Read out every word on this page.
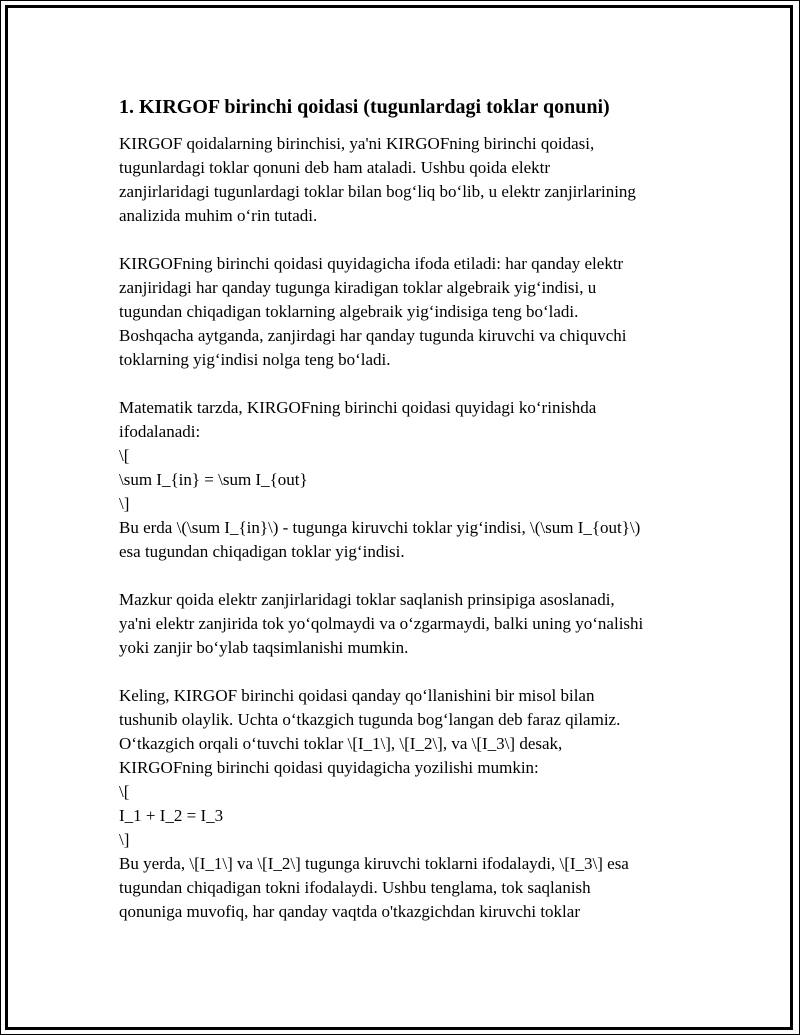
1. KIRGOF birinchi qoidasi (tugunlardagi toklar qonuni)
KIRGOF qoidalarning birinchisi, ya'ni KIRGOFning birinchi qoidasi,
tugunlardagi toklar qonuni deb ham ataladi. Ushbu qoida elektr
zanjirlaridagi tugunlardagi toklar bilan bog‘liq bo‘lib, u elektr zanjirlarining
analizida muhim o‘rin tutadi.
KIRGOFning birinchi qoidasi quyidagicha ifoda etiladi: har qanday elektr
zanjiridagi har qanday tugunga kiradigan toklar algebraik yig‘indisi, u
tugundan chiqadigan toklarning algebraik yig‘indisiga teng bo‘ladi.
Boshqacha aytganda, zanjirdagi har qanday tugunda kiruvchi va chiquvchi
toklarning yig‘indisi nolga teng bo‘ladi.
Matematik tarzda, KIRGOFning birinchi qoidasi quyidagi ko‘rinishda
ifodalanadi:
\[
\sum I_{in} = \sum I_{out}
\]
Bu erda \(\sum I_{in}\) - tugunga kiruvchi toklar yig‘indisi, \(\sum I_{out}\)
esa tugundan chiqadigan toklar yig‘indisi.
Mazkur qoida elektr zanjirlaridagi toklar saqlanish prinsipiga asoslanadi,
ya'ni elektr zanjirida tok yo‘qolmaydi va o‘zgarmaydi, balki uning yo‘nalishi
yoki zanjir bo‘ylab taqsimlanishi mumkin.
Keling, KIRGOF birinchi qoidasi qanday qo‘llanishini bir misol bilan
tushunib olaylik. Uchta o‘tkazgich tugunda bog‘langan deb faraz qilamiz.
O‘tkazgich orqali o‘tuvchi toklar \[I_1\], \[I_2\], va \[I_3\] desak,
KIRGOFning birinchi qoidasi quyidagicha yozilishi mumkin:
\[
I_1 + I_2 = I_3
\]
Bu yerda, \[I_1\] va \[I_2\] tugunga kiruvchi toklarni ifodalaydi, \[I_3\] esa
tugundan chiqadigan tokni ifodalaydi. Ushbu tenglama, tok saqlanish
qonuniga muvofiq, har qanday vaqtda o'tkazgichdan kiruvchi toklar
